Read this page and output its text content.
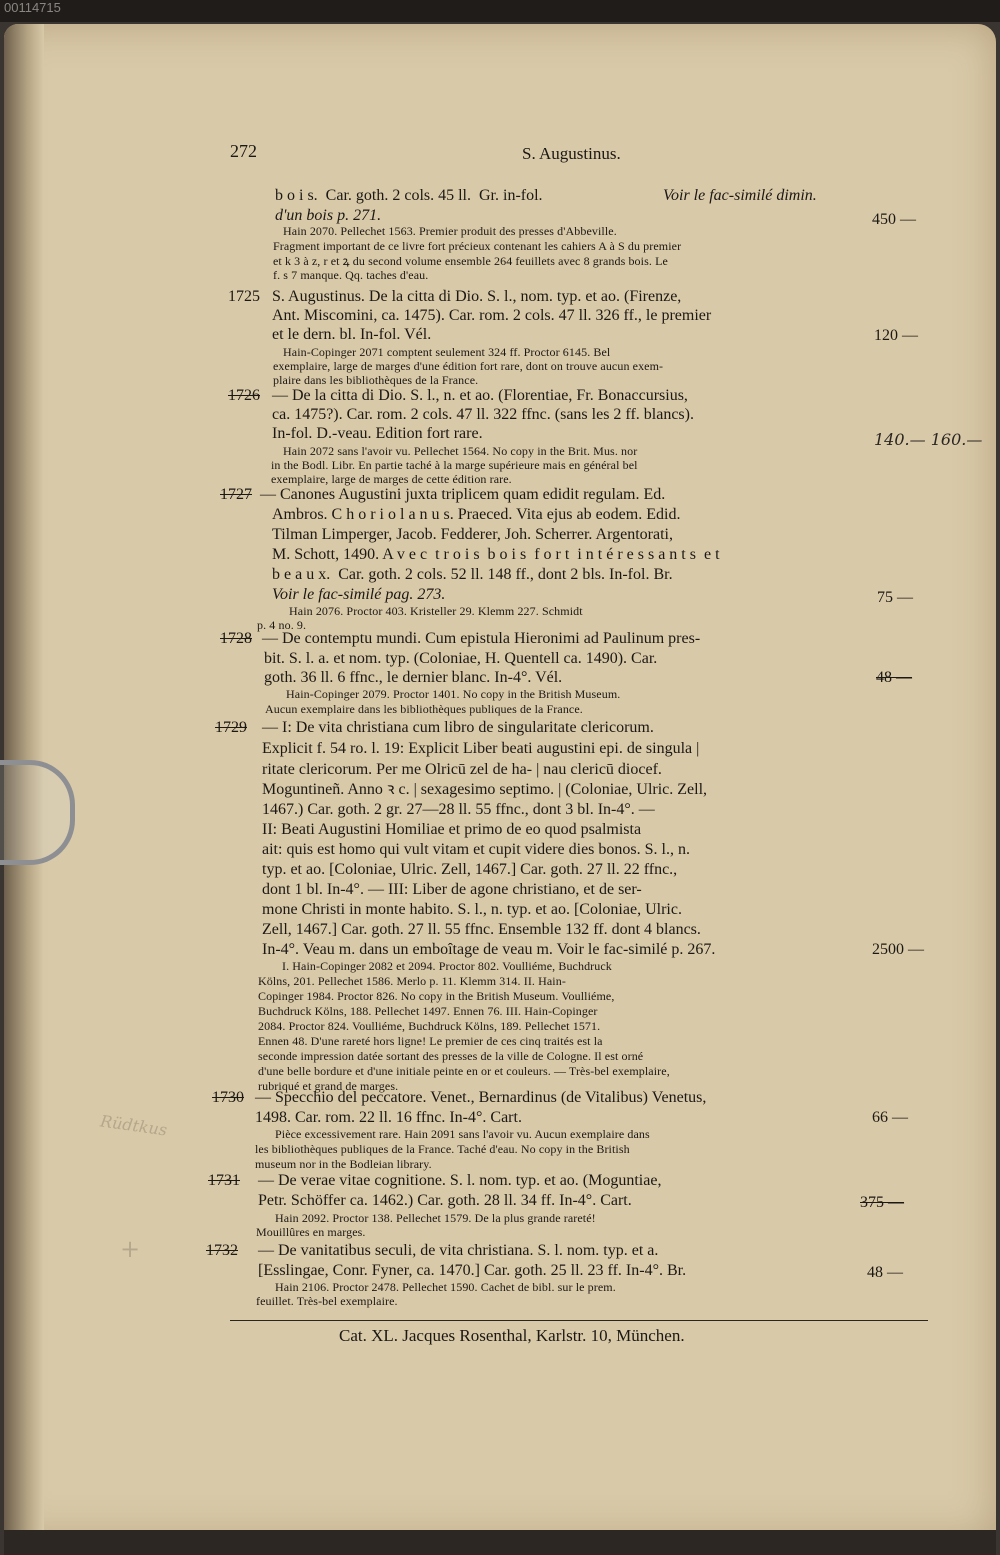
00114715
272	S. Augustinus.
b o i s.  Car. goth. 2 cols. 45 ll.  Gr. in-fol.	Voir le fac-similé dimin.
d'un bois p. 271.
Hain 2070. Pellechet 1563. Premier produit des presses d'Abbeville.
Fragment important de ce livre fort précieux contenant les cahiers A à S du premier
et k 3 à z, r et ꝝ du second volume ensemble 264 feuillets avec 8 grands bois. Le
f. s 7 manque. Qq. taches d'eau.
450 —
1725 S. Augustinus. De la citta di Dio. S. l., nom. typ. et ao. (Firenze,
Ant. Miscomini, ca. 1475). Car. rom. 2 cols. 47 ll. 326 ff., le premier
et le dern. bl. In-fol. Vél.
Hain-Copinger 2071 comptent seulement 324 ff. Proctor 6145. Bel
exemplaire, large de marges d'une édition fort rare, dont on trouve aucun exem-
plaire dans les bibliothèques de la France.
120 —
1726 — De la citta di Dio. S. l., n. et ao. (Florentiae, Fr. Bonaccursius,
ca. 1475?). Car. rom. 2 cols. 47 ll. 322 ffnc. (sans les 2 ff. blancs).
In-fol. D.-veau. Edition fort rare.
Hain 2072 sans l'avoir vu. Pellechet 1564. No copy in the Brit. Mus. nor
in the Bodl. Libr. En partie taché à la marge supérieure mais en général bel
exemplaire, large de marges de cette édition rare.
140.— 160.—
1727 — Canones Augustini juxta triplicem quam edidit regulam. Ed.
Ambros. C h o r i o l a n u s. Praeced. Vita ejus ab eodem. Edid.
Tilman Limperger, Jacob. Fedderer, Joh. Scherrer. Argentorati,
M. Schott, 1490. A v e c  t r o i s  b o i s  f o r t  i n t é r e s s a n t s  e t
b e a u x.  Car. goth. 2 cols. 52 ll. 148 ff., dont 2 bls. In-fol. Br.
Voir le fac-similé pag. 273.
Hain 2076. Proctor 403. Kristeller 29. Klemm 227. Schmidt
p. 4 no. 9.
75 —
1728 — De contemptu mundi. Cum epistula Hieronimi ad Paulinum pres-
bit. S. l. a. et nom. typ. (Coloniae, H. Quentell ca. 1490). Car.
goth. 36 ll. 6 ffnc., le dernier blanc. In-4°. Vél.
Hain-Copinger 2079. Proctor 1401. No copy in the British Museum.
Aucun exemplaire dans les bibliothèques publiques de la France.
48 —
1729 — I: De vita christiana cum libro de singularitate clericorum.
Explicit f. 54 ro. l. 19: Explicit Liber beati augustini epi. de singula |
ritate clericorum. Per me Olricū zel de ha- | nau clericū diocef.
Moguntineñ. Anno ꝛ c. | sexagesimo septimo. | (Coloniae, Ulric. Zell,
1467.) Car. goth. 2 gr. 27—28 ll. 55 ffnc., dont 3 bl. In-4°. —
II: Beati Augustini Homiliae et primo de eo quod psalmista
ait: quis est homo qui vult vitam et cupit videre dies bonos. S. l., n.
typ. et ao. [Coloniae, Ulric. Zell, 1467.] Car. goth. 27 ll. 22 ffnc.,
dont 1 bl. In-4°. — III: Liber de agone christiano, et de ser-
mone Christi in monte habito. S. l., n. typ. et ao. [Coloniae, Ulric.
Zell, 1467.] Car. goth. 27 ll. 55 ffnc. Ensemble 132 ff. dont 4 blancs.
In-4°. Veau m. dans un emboîtage de veau m. Voir le fac-similé p. 267.
I. Hain-Copinger 2082 et 2094. Proctor 802. Voulliéme, Buchdruck
Kölns, 201. Pellechet 1586. Merlo p. 11. Klemm 314. II. Hain-
Copinger 1984. Proctor 826. No copy in the British Museum. Voulliéme,
Buchdruck Kölns, 188. Pellechet 1497. Ennen 76. III. Hain-Copinger
2084. Proctor 824. Voulliéme, Buchdruck Kölns, 189. Pellechet 1571.
Ennen 48. D'une rareté hors ligne! Le premier de ces cinq traités est la
seconde impression datée sortant des presses de la ville de Cologne. Il est orné
d'une belle bordure et d'une initiale peinte en or et couleurs. — Très-bel exemplaire,
rubriqué et grand de marges.
2500 —
1730 — Specchio del peccatore. Venet., Bernardinus (de Vitalibus) Venetus,
1498. Car. rom. 22 ll. 16 ffnc. In-4°. Cart.
Pièce excessivement rare. Hain 2091 sans l'avoir vu. Aucun exemplaire dans
les bibliothèques publiques de la France. Taché d'eau. No copy in the British
museum nor in the Bodleian library.
66 —
1731 — De verae vitae cognitione. S. l. nom. typ. et ao. (Moguntiae,
Petr. Schöffer ca. 1462.) Car. goth. 28 ll. 34 ff. In-4°. Cart.
Hain 2092. Proctor 138. Pellechet 1579. De la plus grande rareté!
Mouillûres en marges.
375 —
1732 — De vanitatibus seculi, de vita christiana. S. l. nom. typ. et a.
[Esslingae, Conr. Fyner, ca. 1470.] Car. goth. 25 ll. 23 ff. In-4°. Br.
Hain 2106. Proctor 2478. Pellechet 1590. Cachet de bibl. sur le prem.
feuillet. Très-bel exemplaire.
48 —
Cat. XL. Jacques Rosenthal, Karlstr. 10, München.
Rüdtkus
+
